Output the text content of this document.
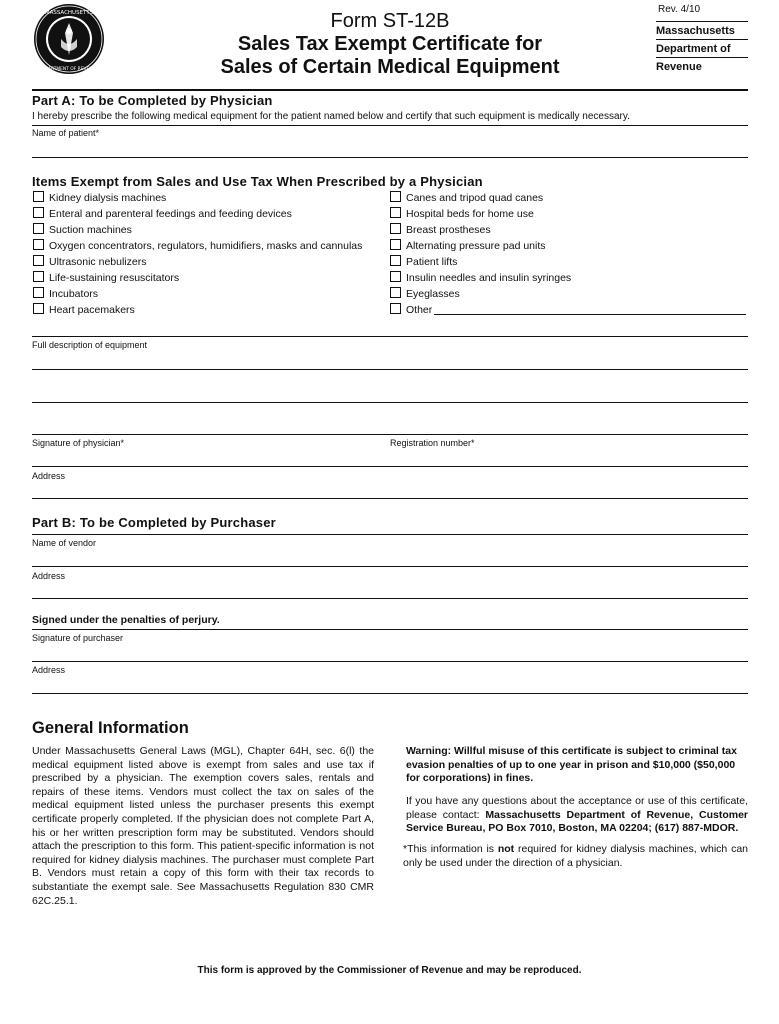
MASSACHUSETTS
DEPARTMENT OF REVENUE
Form ST-12B
Sales Tax Exempt Certificate for
Sales of Certain Medical Equipment
Rev. 4/10
Massachusetts
Department of
Revenue
Part A: To be Completed by Physician
I hereby prescribe the following medical equipment for the patient named below and certify that such equipment is medically necessary.
Name of patient*
Items Exempt from Sales and Use Tax When Prescribed by a Physician
Kidney dialysis machines
Enteral and parenteral feedings and feeding devices
Suction machines
Oxygen concentrators, regulators, humidifiers, masks and cannulas
Ultrasonic nebulizers
Life-sustaining resuscitators
Incubators
Heart pacemakers
Canes and tripod quad canes
Hospital beds for home use
Breast prostheses
Alternating pressure pad units
Patient lifts
Insulin needles and insulin syringes
Eyeglasses
Other
Full description of equipment
Signature of physician*	Registration number*
Address
Part B: To be Completed by Purchaser
Name of vendor
Address
Signed under the penalties of perjury.
Signature of purchaser
Address
General Information
Under Massachusetts General Laws (MGL), Chapter 64H, sec. 6(l) the medical equipment listed above is exempt from sales and use tax if prescribed by a physician. The exemption covers sales, rentals and repairs of these items. Vendors must collect the tax on sales of the medical equipment listed unless the purchaser presents this exempt certificate properly completed. If the physician does not complete Part A, his or her written prescription form may be substituted. Vendors should attach the prescription to this form. This patient-specific information is not required for kidney dialysis machines. The purchaser must complete Part B. Vendors must retain a copy of this form with their tax records to substantiate the exempt sale. See Massachusetts Regulation 830 CMR 62C.25.1.
Warning: Willful misuse of this certificate is subject to criminal tax evasion penalties of up to one year in prison and $10,000 ($50,000 for corporations) in fines.
If you have any questions about the acceptance or use of this certificate, please contact: Massachusetts Department of Revenue, Customer Service Bureau, PO Box 7010, Boston, MA 02204; (617) 887-MDOR.
*This information is not required for kidney dialysis machines, which can only be used under the direction of a physician.
This form is approved by the Commissioner of Revenue and may be reproduced.
